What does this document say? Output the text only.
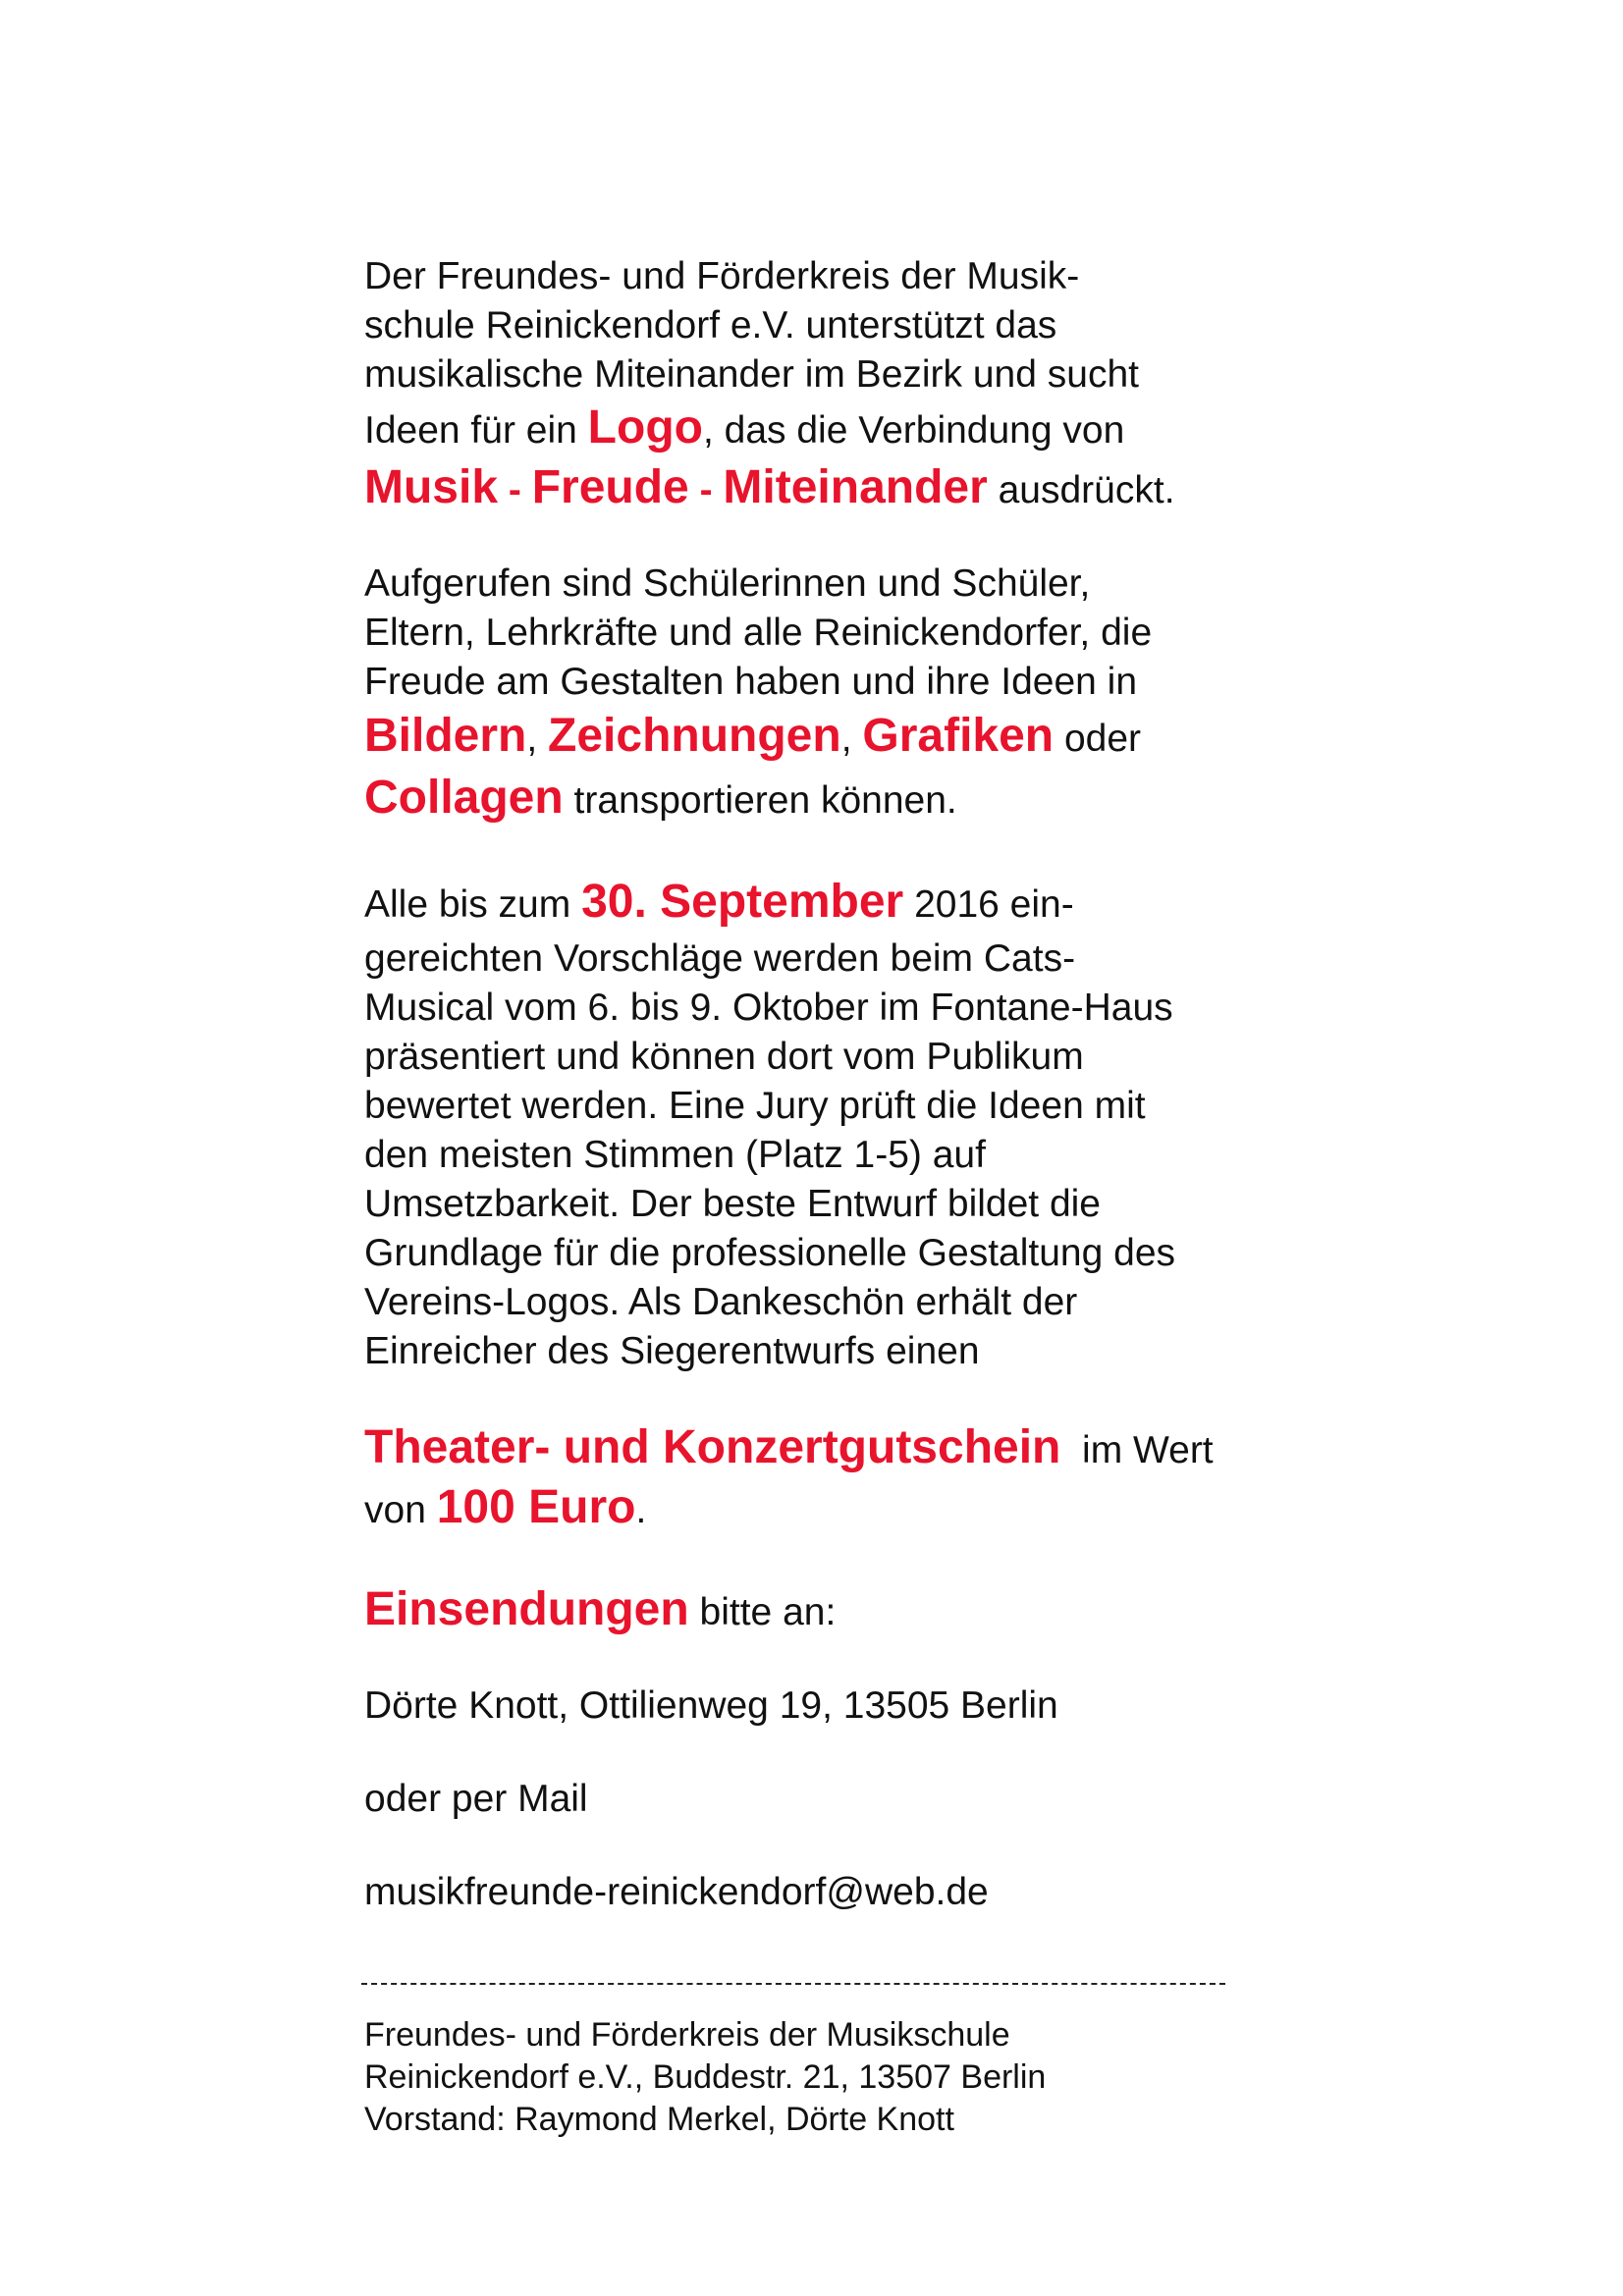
Der Freundes- und Förderkreis der Musik-
schule Reinickendorf e.V. unterstützt das
musikalische Miteinander im Bezirk und sucht
Ideen für ein Logo, das die Verbindung von
Musik - Freude - Miteinander ausdrückt.
Aufgerufen sind Schülerinnen und Schüler,
Eltern, Lehrkräfte und alle Reinickendorfer, die
Freude am Gestalten haben und ihre Ideen in
Bildern, Zeichnungen, Grafiken oder
Collagen transportieren können.
Alle bis zum 30. September 2016 ein-
gereichten Vorschläge werden beim Cats-
Musical vom 6. bis 9. Oktober im Fontane-Haus
präsentiert und können dort vom Publikum
bewertet werden. Eine Jury prüft die Ideen mit
den meisten Stimmen (Platz 1-5) auf
Umsetzbarkeit. Der beste Entwurf bildet die
Grundlage für die professionelle Gestaltung des
Vereins-Logos. Als Dankeschön erhält der
Einreicher des Siegerentwurfs einen
Theater- und Konzertgutschein  im Wert
von 100 Euro.
Einsendungen bitte an:
Dörte Knott, Ottilienweg 19, 13505 Berlin
oder per Mail
musikfreunde-reinickendorf@web.de
Freundes- und Förderkreis der Musikschule
Reinickendorf e.V., Buddestr. 21, 13507 Berlin
Vorstand: Raymond Merkel, Dörte Knott
